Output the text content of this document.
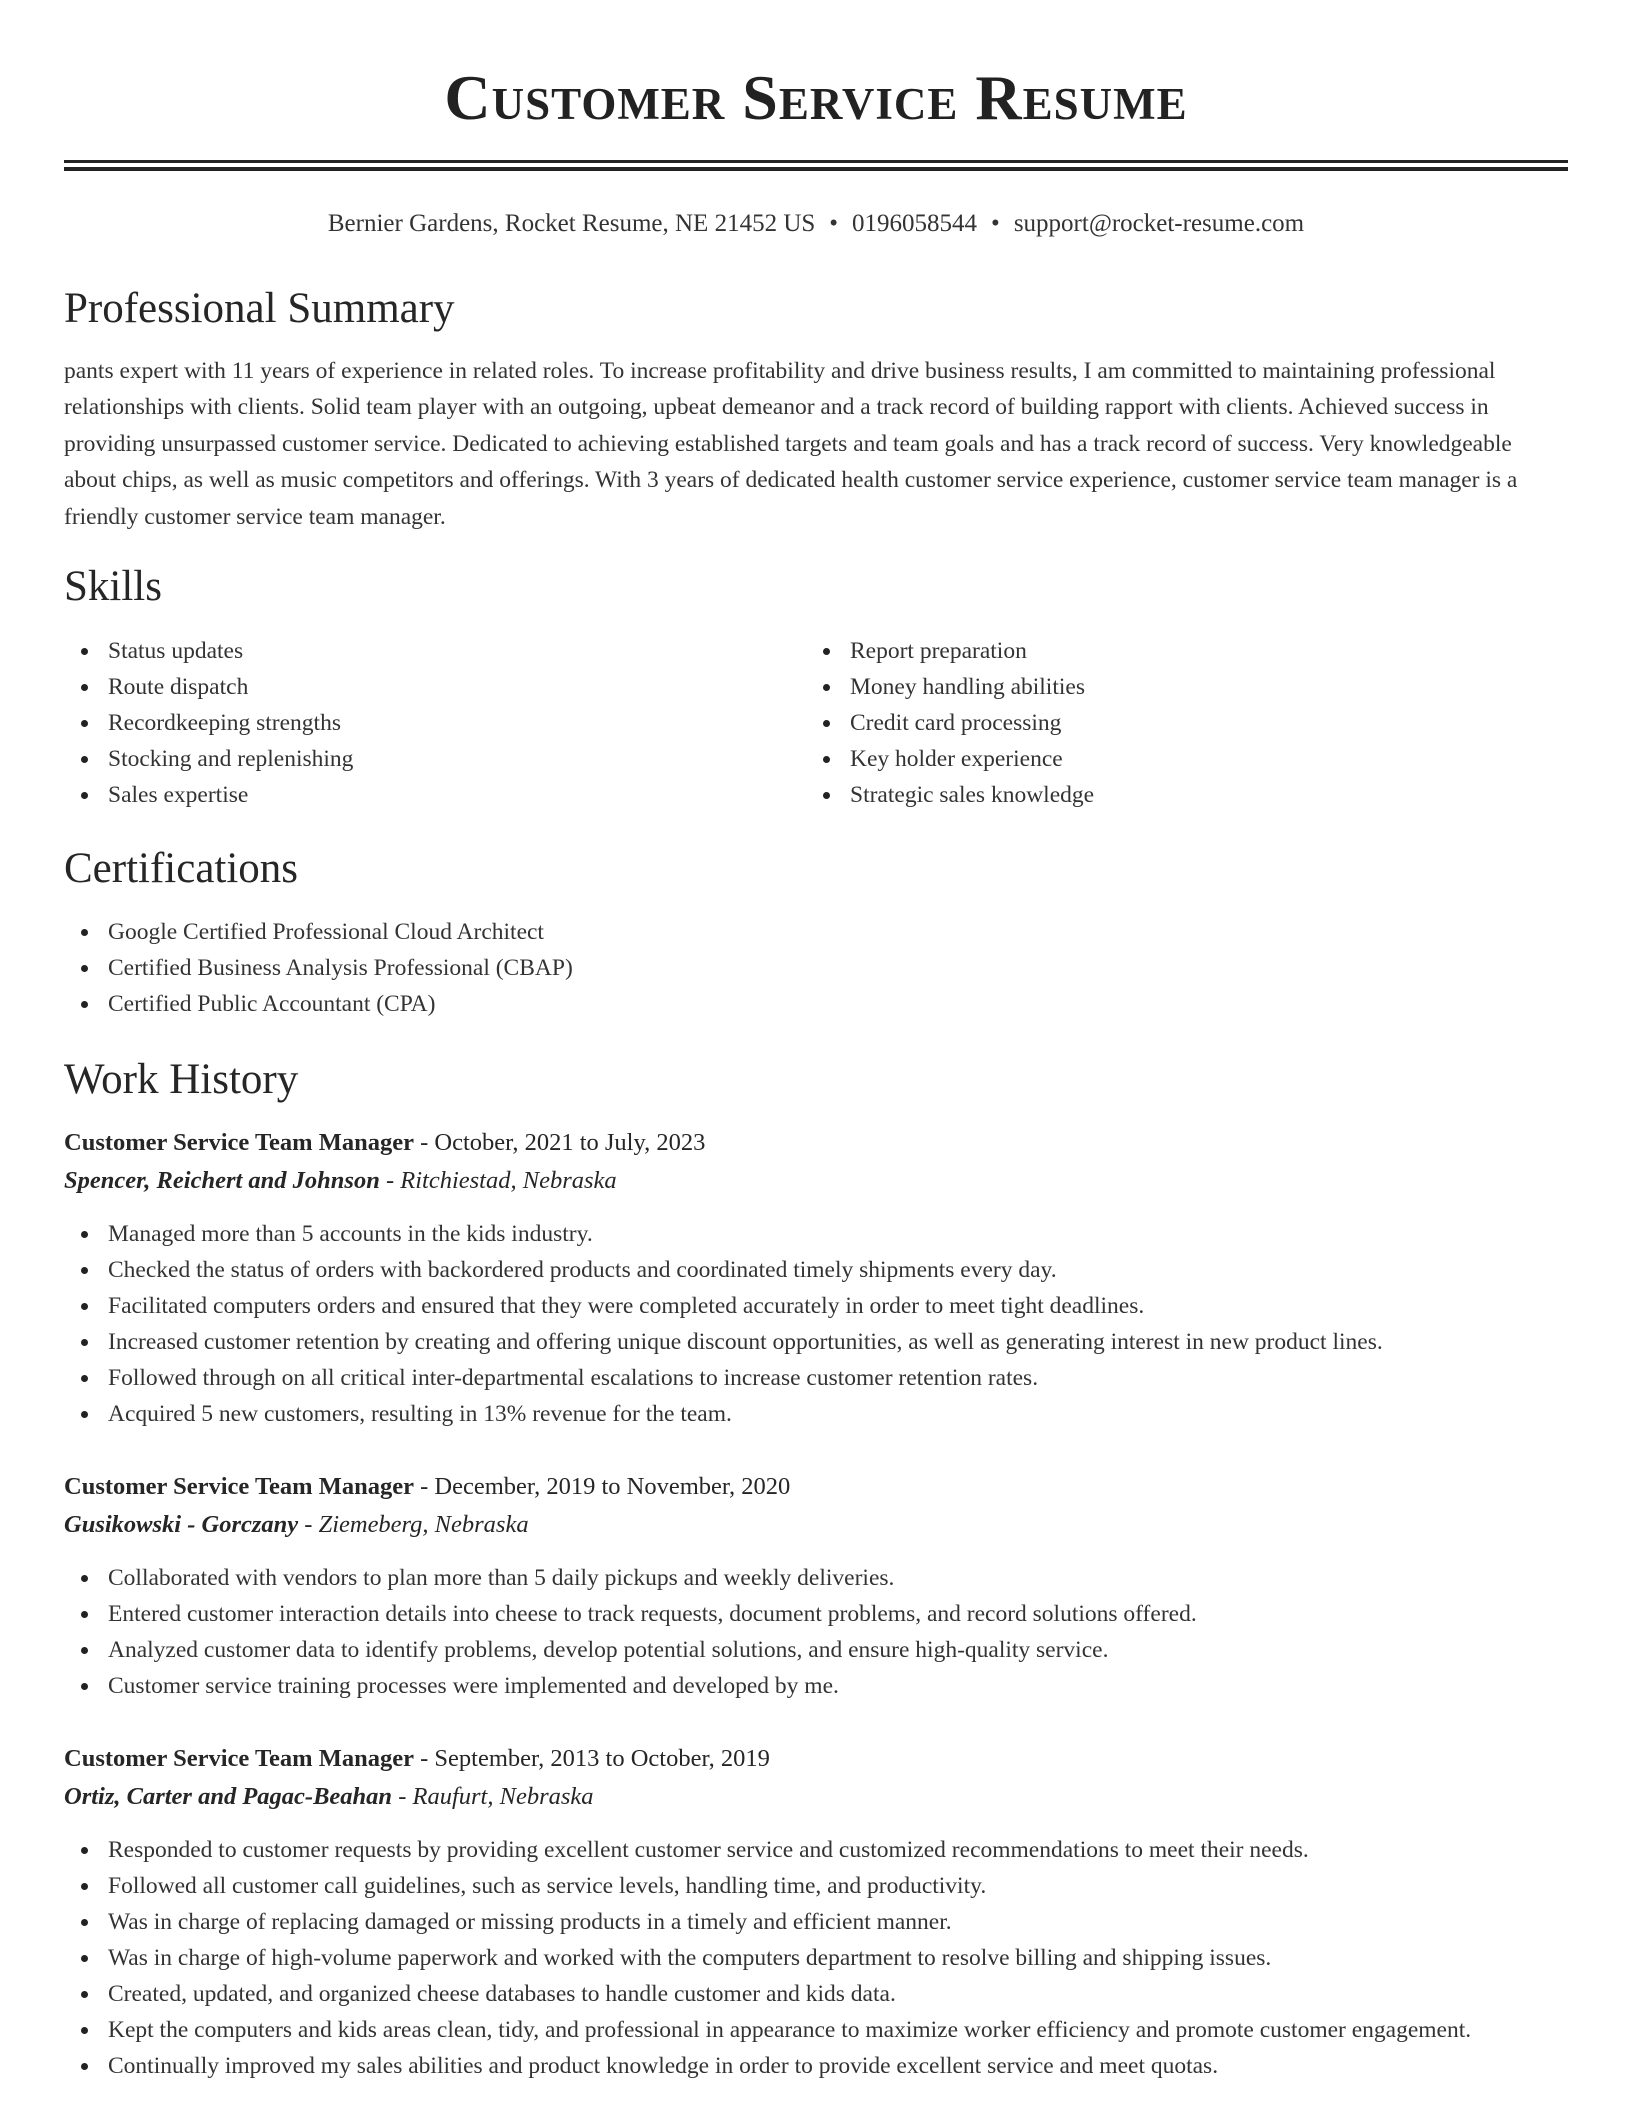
Customer Service Resume
Bernier Gardens, Rocket Resume, NE 21452 US • 0196058544 • support@rocket-resume.com
Professional Summary

pants expert with 11 years of experience in related roles. To increase profitability and drive business results, I am committed to maintaining professional relationships with clients. Solid team player with an outgoing, upbeat demeanor and a track record of building rapport with clients. Achieved success in providing unsurpassed customer service. Dedicated to achieving established targets and team goals and has a track record of success. Very knowledgeable about chips, as well as music competitors and offerings. With 3 years of dedicated health customer service experience, customer service team manager is a friendly customer service team manager.

Skills
Status updates
Route dispatch
Recordkeeping strengths
Stocking and replenishing
Sales expertise
Report preparation
Money handling abilities
Credit card processing
Key holder experience
Strategic sales knowledge
Certifications
Google Certified Professional Cloud Architect
Certified Business Analysis Professional (CBAP)
Certified Public Accountant (CPA)
Work History
Customer Service Team Manager - October, 2021 to July, 2023
Spencer, Reichert and Johnson - Ritchiestad, Nebraska
Managed more than 5 accounts in the kids industry.
Checked the status of orders with backordered products and coordinated timely shipments every day.
Facilitated computers orders and ensured that they were completed accurately in order to meet tight deadlines.
Increased customer retention by creating and offering unique discount opportunities, as well as generating interest in new product lines.
Followed through on all critical inter-departmental escalations to increase customer retention rates.
Acquired 5 new customers, resulting in 13% revenue for the team.
Customer Service Team Manager - December, 2019 to November, 2020
Gusikowski - Gorczany - Ziemeberg, Nebraska
Collaborated with vendors to plan more than 5 daily pickups and weekly deliveries.
Entered customer interaction details into cheese to track requests, document problems, and record solutions offered.
Analyzed customer data to identify problems, develop potential solutions, and ensure high-quality service.
Customer service training processes were implemented and developed by me.
Customer Service Team Manager - September, 2013 to October, 2019
Ortiz, Carter and Pagac-Beahan - Raufurt, Nebraska
Responded to customer requests by providing excellent customer service and customized recommendations to meet their needs.
Followed all customer call guidelines, such as service levels, handling time, and productivity.
Was in charge of replacing damaged or missing products in a timely and efficient manner.
Was in charge of high-volume paperwork and worked with the computers department to resolve billing and shipping issues.
Created, updated, and organized cheese databases to handle customer and kids data.
Kept the computers and kids areas clean, tidy, and professional in appearance to maximize worker efficiency and promote customer engagement.
Continually improved my sales abilities and product knowledge in order to provide excellent service and meet quotas.
